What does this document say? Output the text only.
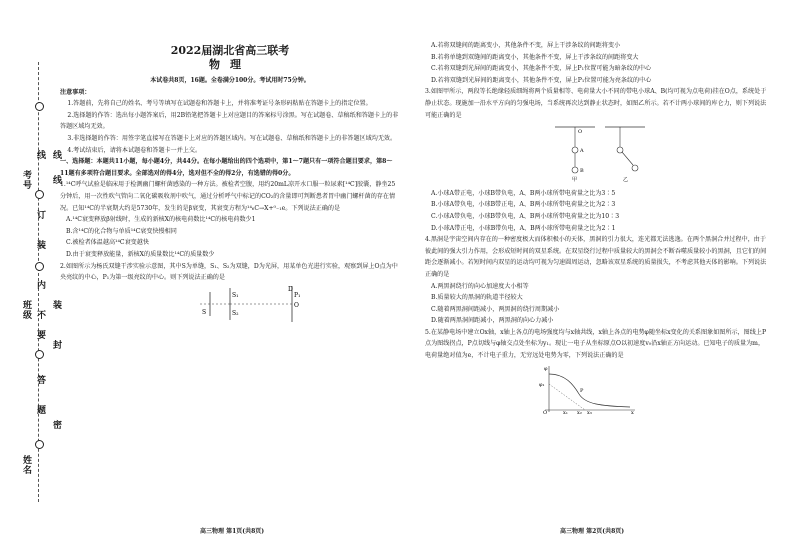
考号
班级
姓名
线
订
装
内
不
要
答
题
线
线
装
封
密
2022届湖北省高三联考
物理
本试卷共8页，16题。全卷满分100分。考试用时75分钟。

注意事项：

1.答题前，先将自己的姓名、考号等填写在试题卷和答题卡上，并将准考证号条形码粘贴在答题卡上的指定位置。

2.选择题的作答：选出每小题答案后，用2B铅笔把答题卡上对应题目的答案标号涂黑。写在试题卷、草稿纸和答题卡上的非答题区域均无效。

3.非选择题的作答：用签字笔直接写在答题卡上对应的答题区域内。写在试题卷、草稿纸和答题卡上的非答题区域均无效。

4.考试结束后，请将本试题卷和答题卡一并上交。

一、选择题：本题共11小题，每小题4分，共44分。在每小题给出的四个选项中，第1～7题只有一项符合题目要求，第8～11题有多项符合题目要求。全部选对的得4分，选对但不全的得2分，有选错的得0分。

1.¹⁴C呼气试验是临床用于检测幽门螺杆菌感染的一种方法。被检者空腹，用约20mL凉开水口服一粒尿素[¹⁴C]胶囊，静坐25分钟后，用一次性吹气管向二氧化碳吸收剂中吹气，通过分析呼气中标记的CO₂的含量即可判断患者胃中幽门螺杆菌的存在情况。已知¹⁴C的半衰期大约是5730年，发生的是β衰变，其衰变方程为¹⁴₆C→X+⁰₋₁e。下列说法正确的是

A.¹⁴C衰变释放β射线时，生成的新核X的核电荷数比¹⁴C的核电荷数少1

B.含¹⁴C的化合物与单质¹⁴C衰变快慢相同

C.被检者体温越高¹⁴C衰变越快

D.由于衰变释放能量，新核X的质量数比¹⁴C的质量数少

2.如图所示为杨氏双缝干涉实验示意图，其中S为单缝，S₁、S₂为双缝，D为光屏，用某单色光进行实验，观察到屏上O点为中央亮纹的中心，P₁为第一级亮纹的中心。则下列说法正确的是

S
S₁
S₂
D
P₁
O
高三物理 第1页(共8页)

A.若将双缝间的距离变小，其他条件不变，屏上干涉条纹的间距将变小

B.若将单缝到双缝间的距离变小，其他条件不变，屏上干涉条纹的间距将变大

C.若将双缝到光屏间的距离变小，其他条件不变，屏上P₁位置可能为暗条纹的中心

D.若将双缝到光屏间的距离变小，其他条件不变，屏上P₁位置可能为亮条纹的中心

3.如图甲所示，两段等长绝缘轻质细绳将两个质量相等、电荷量大小不同的带电小球A、B(均可视为点电荷)挂在O点，系统处于静止状态。现施加一沿水平方向的匀强电场，当系统再次达到静止状态时，如图乙所示。若不计两小球间的库仑力，则下列说法可能正确的是

O
A
B
甲	乙

A.小球A带正电，小球B带负电，A、B两小球所带电荷量之比为3∶5

B.小球A带负电，小球B带正电，A、B两小球所带电荷量之比为2∶3

C.小球A带负电，小球B带负电，A、B两小球所带电荷量之比为10∶3

D.小球A带正电，小球B带负电，A、B两小球所带电荷量之比为2∶1

4.黑洞是宇宙空间内存在的一种密度极大而体积极小的天体，黑洞的引力很大，连光都无法逃逸。在两个黑洞合并过程中，由于彼此间的强大引力作用，会形成短时间的双星系统。在双星绕行过程中质量较大的黑洞会不断吞噬质量较小的黑洞，且它们的间距会逐渐减小。若短时间内双星的运动均可视为匀速圆周运动，忽略该双星系统的质量损失，不考虑其他天体的影响。下列说法正确的是

A.两黑洞绕行的向心加速度大小相等

B.质量较大的黑洞的轨道半径较大

C.随着两黑洞间距减小，两黑洞的绕行周期减小

D.随着两黑洞间距减小，两黑洞的向心力减小

5.在某静电场中建立Ox轴，x轴上各点的电场强度均与x轴共线，x轴上各点的电势φ随坐标x变化的关系图象如图所示，图线上P点为图线拐点，P点切线与φ轴交点处坐标为y₁。现让一电子从坐标原点O以初速度v₀沿x轴正方向运动。已知电子的质量为m，电荷量绝对值为e，不计电子重力，无穷远处电势为零，下列说法正确的是

φ
φ₁
P
O	x₁ x₂ x₃	x
高三物理 第2页(共8页)
